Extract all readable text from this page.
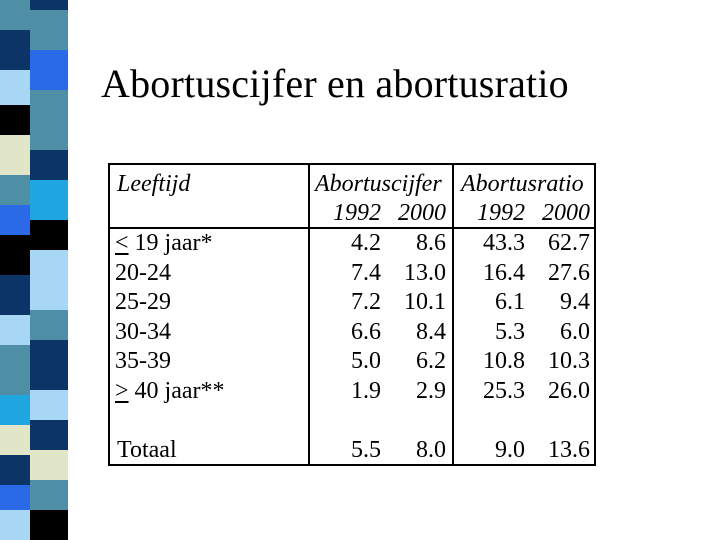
Abortuscijfer en abortusratio
Leeftijd	Abortuscijfer Abortusratio
1992 2000 1992 2000
< 19 jaar*	4.2 8.6 43.3 62.7
20-24	7.4 13.0 16.4 27.6
25-29	7.2 10.1 6.1 9.4
30-34	6.6 8.4 5.3 6.0
35-39	5.0 6.2 10.8 10.3
> 40 jaar**	1.9 2.9 25.3 26.0
Totaal	5.5 8.0 9.0 13.6
